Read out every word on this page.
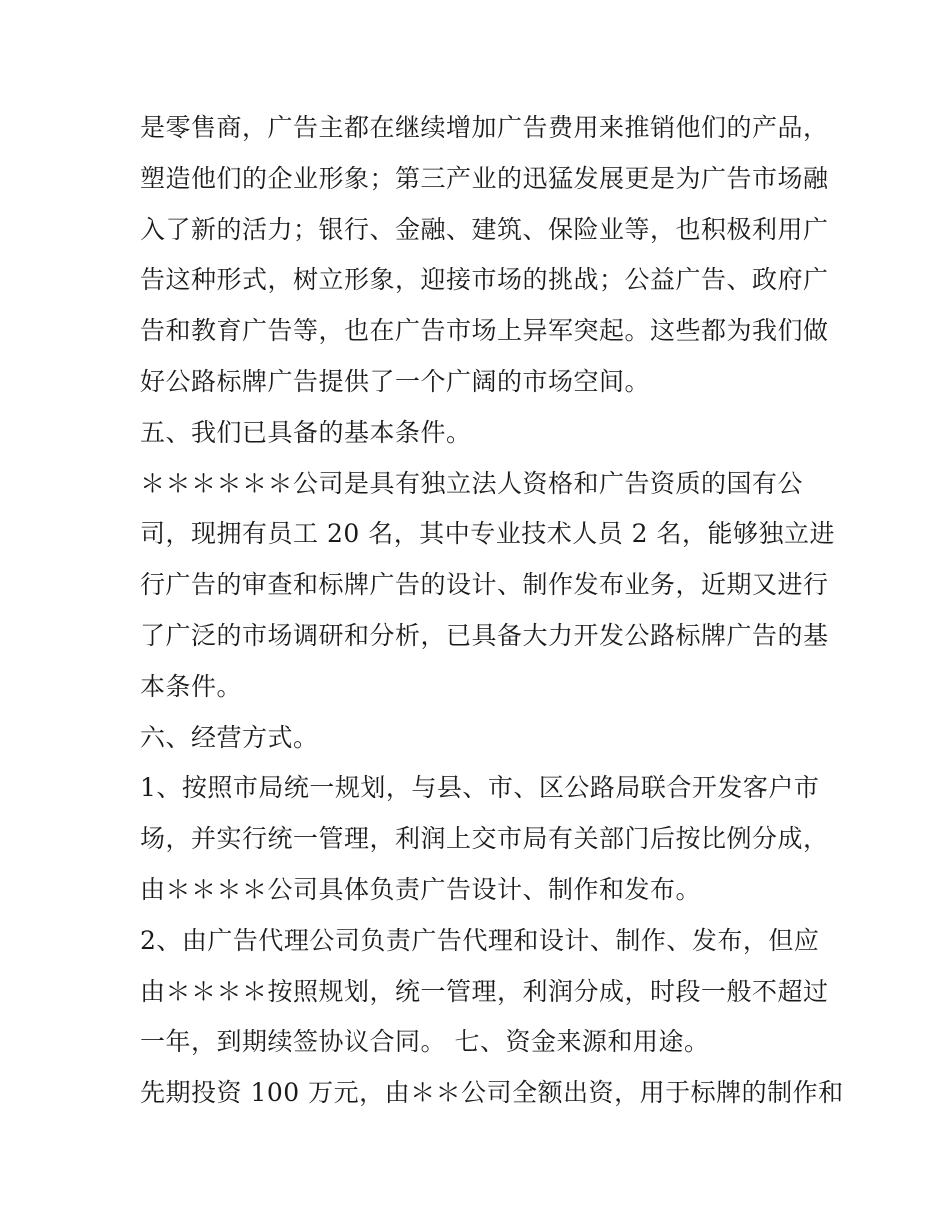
是零售商，广告主都在继续增加广告费用来推销他们的产品，
塑造他们的企业形象；第三产业的迅猛发展更是为广告市场融
入了新的活力；银行、金融、建筑、保险业等，也积极利用广
告这种形式，树立形象，迎接市场的挑战；公益广告、政府广
告和教育广告等，也在广告市场上异军突起。这些都为我们做
好公路标牌广告提供了一个广阔的市场空间。
五、我们已具备的基本条件。
＊＊＊＊＊＊公司是具有独立法人资格和广告资质的国有公
司，现拥有员工 20 名，其中专业技术人员 2 名，能够独立进
行广告的审查和标牌广告的设计、制作发布业务，近期又进行
了广泛的市场调研和分析，已具备大力开发公路标牌广告的基
本条件。
六、经营方式。
1、按照市局统一规划，与县、市、区公路局联合开发客户市
场，并实行统一管理，利润上交市局有关部门后按比例分成，
由＊＊＊＊公司具体负责广告设计、制作和发布。
2、由广告代理公司负责广告代理和设计、制作、发布，但应
由＊＊＊＊按照规划，统一管理，利润分成，时段一般不超过
一年，到期续签协议合同。 七、资金来源和用途。
先期投资 100 万元，由＊＊公司全额出资，用于标牌的制作和
